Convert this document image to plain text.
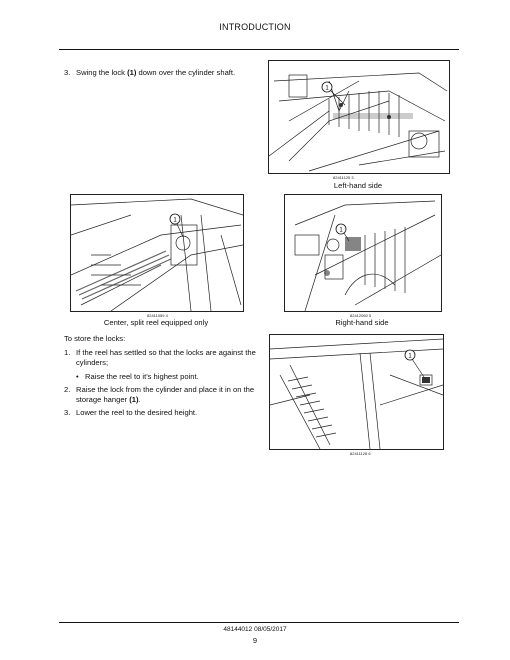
INTRODUCTION
3. Swing the lock (1) down over the cylinder shaft.
1
82411125 3
Left-hand side
1
82411059 4
Center, split reel equipped only
1
82412060 5
Right-hand side
To store the locks:
1. If the reel has settled so that the locks are against the cylinders;
• Raise the reel to it's highest point.
2. Raise the lock from the cylinder and place it in on the storage hanger (1).
3. Lower the reel to the desired height.
1
82411128 6
48144012 08/05/2017
9
